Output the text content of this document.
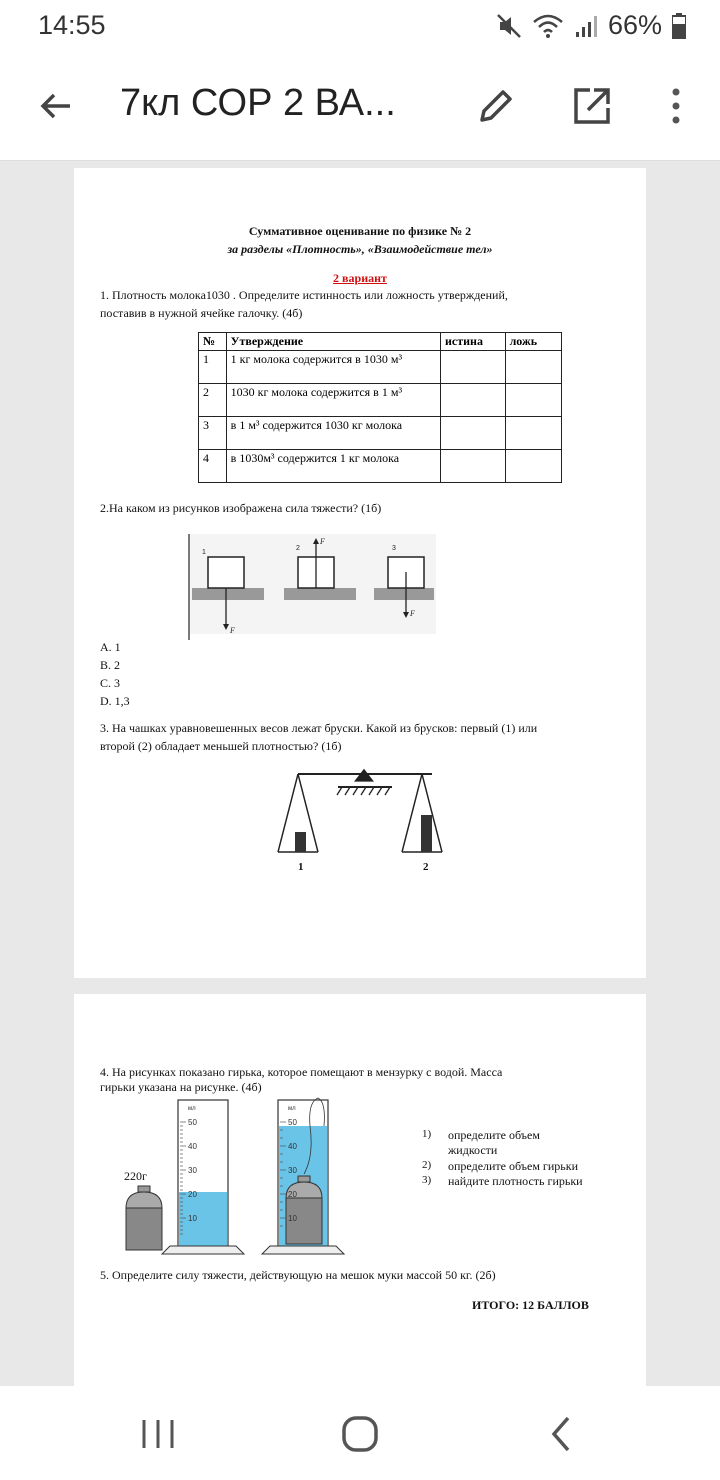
14:55	66%
7кл СОР 2 ВА...
Суммативное оценивание по физике № 2
за разделы «Плотность», «Взаимодействие тел»
2 вариант
1. Плотность молока1030 . Определите истинность или ложность утверждений,
поставив в нужной ячейке галочку. (4б)
№	Утверждение	истина	ложь
1	1 кг молока содержится в 1030 м³		
2	1030 кг молока содержится в 1 м³		
3	в 1 м³ содержится 1030 кг молока		
4	в 1030м³ содержится 1 кг молока		
2.На каком из рисунков изображена сила тяжести? (1б)
1
2	3
F
F
F
A. 1
B. 2
C. 3
D. 1,3
3. На чашках уравновешенных весов лежат бруски. Какой из брусков: первый (1) или
второй (2) обладает меньшей плотностью? (1б)
1	2
4. На рисунках показано гирька, которое помещают в мензурку с водой. Масса
гирьки указана на рисунке. (4б)
220г
мл
50
40
30
20
10
мл
50
40
30
20
10
1) определите объем
жидкости
2) определите объем гирьки
3) найдите плотность гирьки
5. Определите силу тяжести, действующую на мешок муки массой 50 кг. (2б)
ИТОГО: 12 БАЛЛОВ
